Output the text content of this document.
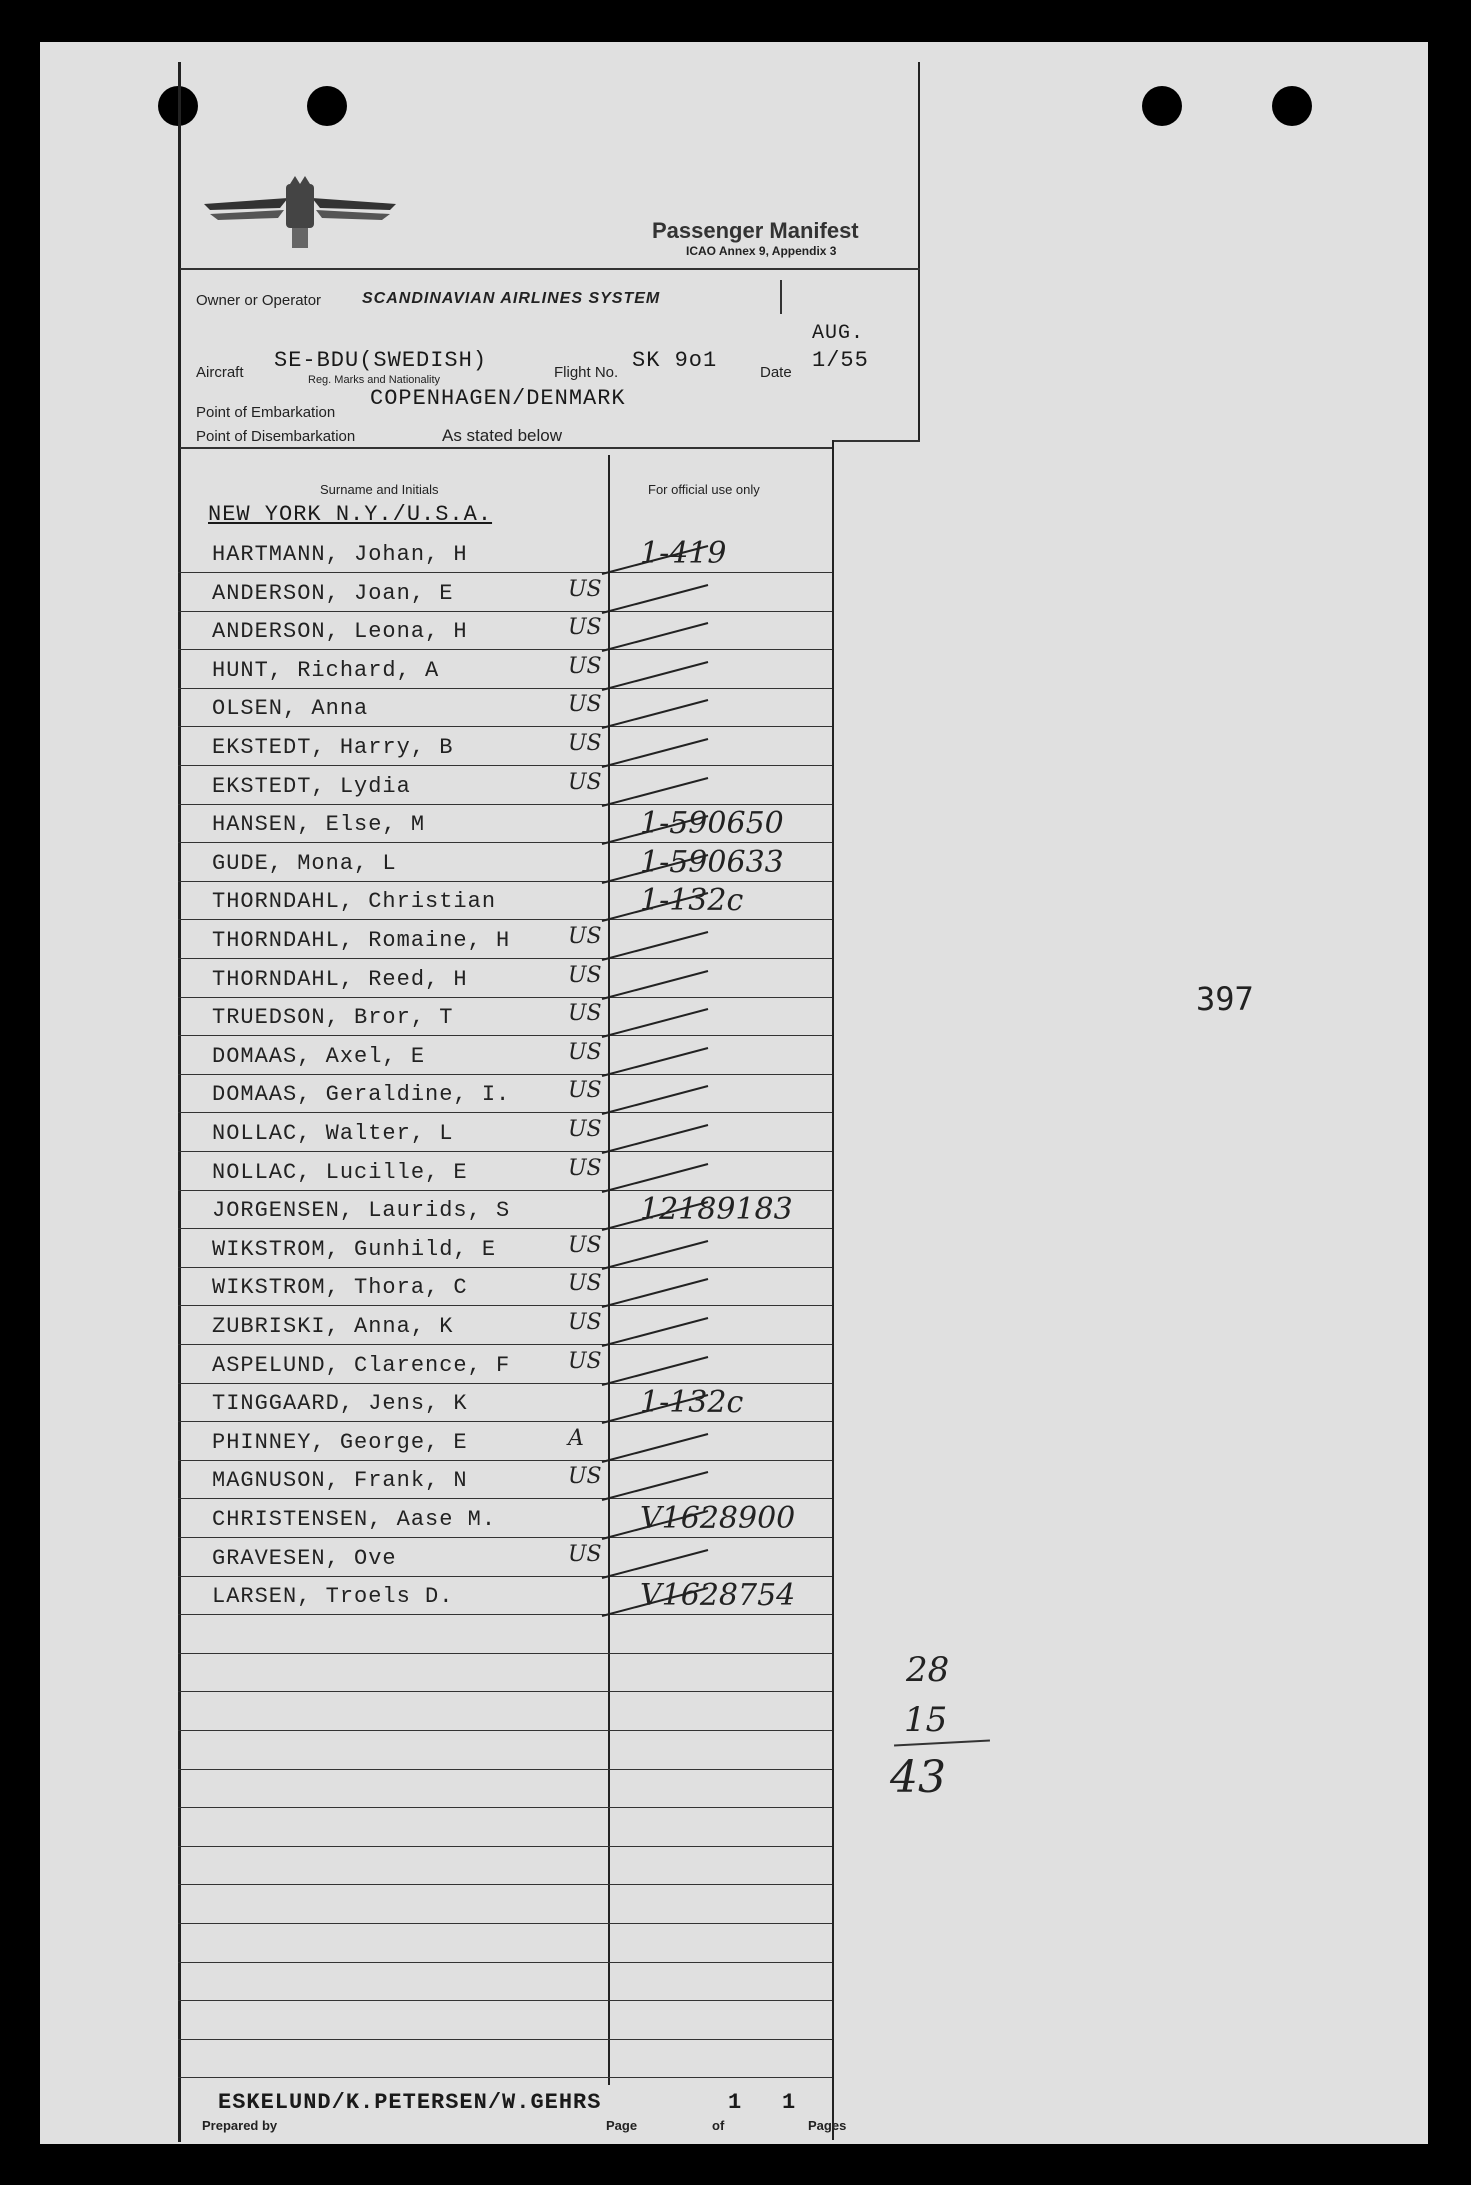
Passenger Manifest
ICAO Annex 9, Appendix 3
Owner or Operator	SCANDINAVIAN AIRLINES SYSTEM
Aircraft SE-BDU(SWEDISH)
Reg. Marks and Nationality	Flight No. SK 9o1	Date
AUG.
1/55
Point of Embarkation
COPENHAGEN/DENMARK
Point of Disembarkation	As stated below
Surname and Initials	For official use only
NEW YORK N.Y./U.S.A.
HARTMANN, Johan, H	1-419
ANDERSON, Joan, E	US
ANDERSON, Leona, H	US
HUNT, Richard, A	US
OLSEN, Anna	US
EKSTEDT, Harry, B	US
EKSTEDT, Lydia	US
HANSEN, Else, M	1-590650
GUDE, Mona, L	1-590633
THORNDAHL, Christian	1-132c
THORNDAHL, Romaine, H	US
THORNDAHL, Reed, H	US
TRUEDSON, Bror, T	US
DOMAAS, Axel, E	US
DOMAAS, Geraldine, I.	US
NOLLAC, Walter, L	US
NOLLAC, Lucille, E	US
JORGENSEN, Laurids, S	12189183
WIKSTROM, Gunhild, E	US
WIKSTROM, Thora, C	US
ZUBRISKI, Anna, K	US
ASPELUND, Clarence, F	US
TINGGAARD, Jens, K	1-132c
PHINNEY, George, E	A
MAGNUSON, Frank, N	US
CHRISTENSEN, Aase M.	V1628900
GRAVESEN, Ove	US
LARSEN, Troels D.	V1628754
ESKELUND/K.PETERSEN/W.GEHRS	1 1
Prepared by	Page	of	Pages
397
28
15
43
